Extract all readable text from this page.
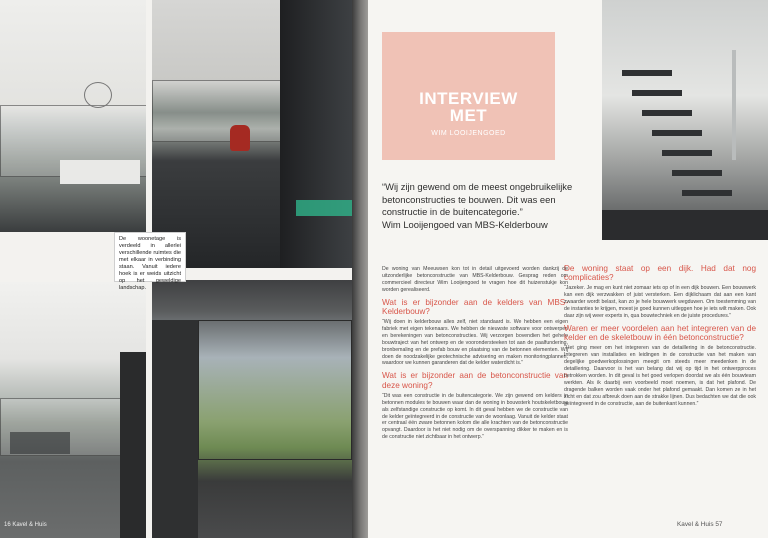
De woonetage is verdeeld in allerlei verschillende ruimtes die met elkaar in verbinding staan. Vanuit iedere hoek is er weids uitzicht op het geweldige landschap.
16 Kavel & Huis
INTERVIEW
MET
WIM LOOIJENGOED
“Wij zijn gewend om de meest ongebruikelijke betonconstructies te bouwen. Dit was een constructie in de buitencategorie.”
Wim Looijengoed van MBS-Kelderbouw

De woning van Meeuwsen kon tot in detail uitgevoerd worden dankzij de uitzonderlijke betonconstructie van MBS-Kelderbouw. Gesprag reden om commercieel directeur Wim Looijengoed te vragen hoe dit huizenstukje kon worden gerealiseerd.

Wat is er bijzonder aan de kelders van MBS-Kelderbouw?

“Wij doen in kelderbouw alles zelf, niet standaard is. We hebben een eigen fabriek met eigen tekenaars. We hebben de nieuwste software voor ontwerpen en berekeningen van betonconstructies. Wij verzorgen bovendien het gehele bouwtraject van het ontwerp en de voorondersteeken tot aan de paalfundering, bronbemaling en de prefab bouw en plaatsing van de betonnen elementen. Wij doen de noodzakelijke geotechnische advisering en maken monitoringplannen, waardoor we kunnen garanderen dat de kelder waterdicht is.”

Wat is er bijzonder aan de betonconstructie van deze woning?

“Dit was een constructie in de buitencategorie. We zijn gewend om kelders in betonnen modules te bouwen waar dan de woning in bouwsterk houtskeletbouw als zelfstandige constructie op komt. In dit geval hebben we de constructie van de kelder geïntegreerd in de constructie van de woonlaag. Vanuit de kelder staat er centraal één zware betonnen kolom die alle krachten van de betonconstructie opvangt. Daardoor is het niet nodig om de overspanning dikker te maken en is de constructie niet zichtbaar in het ontwerp.”

De woning staat op een dijk. Had dat nog complicaties?

“Jazeker. Je mag en kunt niet zomaar iets op of in een dijk bouwen. Een bouwwerk kan een dijk verzwakken of juist versterken. Een dijklichaam dat aan een kant zwaarder wordt belast, kan zo je hele bouwwerk wegduwen. Om toestemming van de instanties te krijgen, moest je goed kunnen uitleggen hoe je iets wilt maken. Ook daar zijn wij weer experts in, qua bouwtechniek en de juiste procedures.”

Waren er meer voordelen aan het integreren van de kelder en de skeletbouw in één betonconstructie?

“Het ging meer om het integreren van de detaillering in de betonconstructie. Integreren van installaties en leidingen in de constructie van het maken van degelijke goedwerkoplossingen meegit om steeds meer meedenken in de detaillering. Daarvoor is het van belang dat wij op tijd in het ontwerpproces betrokken worden. In dit geval is het goed verlopen doordat we als één bouwteam werkten. Als ik daarbij een voorbeeld moet noemen, is dat het plafond. De dragende balken worden vaak onder het plafond gemaakt. Dan komen ze in het zicht en dat zou afbreuk doen aan de strakke lijnen. Dus bedachten we dat die ook geïntegreerd in de constructie, aan de buitenkant kunnen.”

Kavel & Huis 57
